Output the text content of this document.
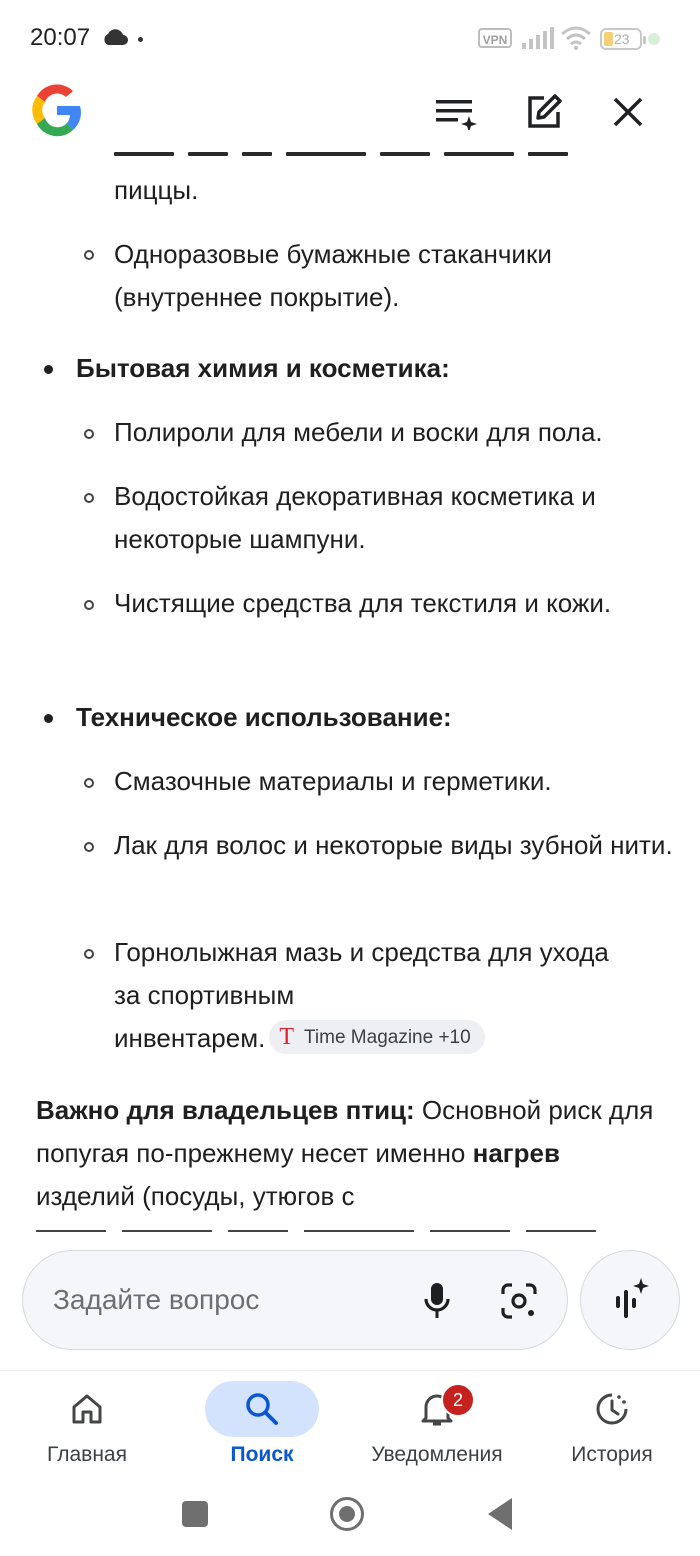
20:07	VPN	23
пиццы.
Одноразовые бумажные стаканчики (внутреннее покрытие).
Бытовая химия и косметика:
Полироли для мебели и воски для пола.
Водостойкая декоративная косметика и некоторые шампуни.
Чистящие средства для текстиля и кожи.
Техническое использование:
Смазочные материалы и герметики.
Лак для волос и некоторые виды зубной нити.
Горнолыжная мазь и средства для ухода
за спортивным
инвентарем. T Time Magazine +10
Важно для владельцев птиц: Основной риск для попугая по-прежнему несет именно нагрев изделий (посуды, утюгов с
Задайте вопрос
Главная	Поиск
2
Уведомления	История
